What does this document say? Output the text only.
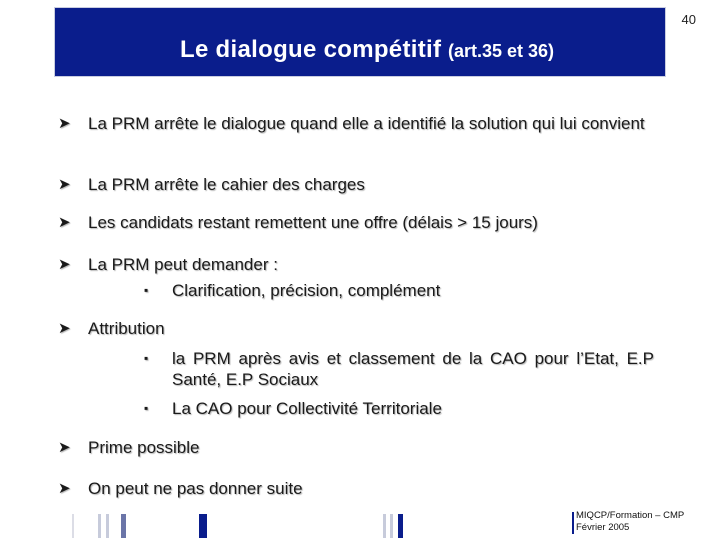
Le dialogue compétitif (art.35 et 36)
40
➤	La PRM arrête le dialogue quand elle a identifié la solution qui lui convient
➤	La PRM arrête le cahier des charges
➤	Les candidats restant remettent une offre (délais > 15 jours)
➤	La PRM peut demander :
▪	Clarification, précision, complément
➤	Attribution
▪	la PRM après avis et classement de la CAO pour l’Etat, E.P Santé, E.P Sociaux
▪	La CAO pour Collectivité Territoriale
➤	Prime possible
➤	On peut ne pas donner suite
MIQCP/Formation – CMP
Février 2005
